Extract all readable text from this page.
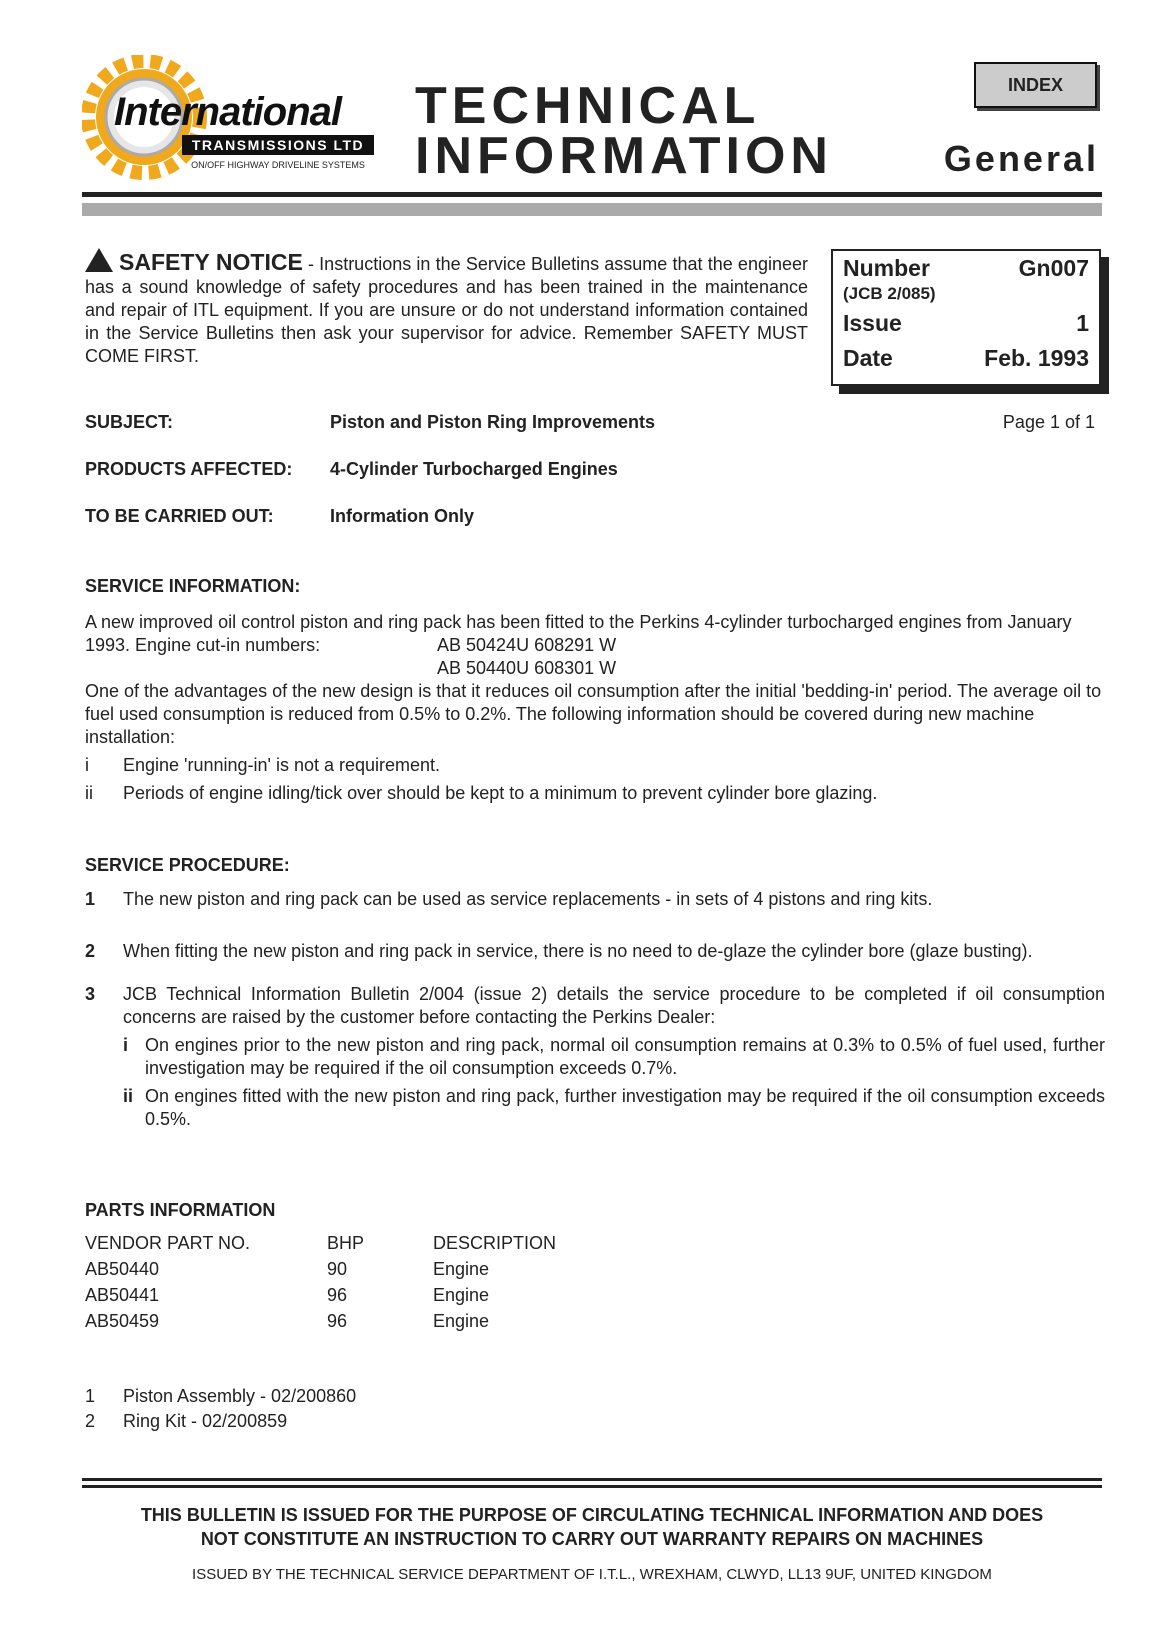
International
TRANSMISSIONS LTD
ON/OFF HIGHWAY DRIVELINE SYSTEMS
TECHNICAL
INFORMATION
INDEX
General
SAFETY NOTICE - Instructions in the Service Bulletins assume that the engineer has a sound knowledge of safety procedures and has been trained in the maintenance and repair of ITL equipment. If you are unsure or do not understand information contained in the Service Bulletins then ask your supervisor for advice. Remember SAFETY MUST COME FIRST.
Number	Gn007
(JCB 2/085)
Issue	1
Date	Feb. 1993
SUBJECT:	Piston and Piston Ring Improvements	Page 1 of 1
PRODUCTS AFFECTED: 4-Cylinder Turbocharged Engines
TO BE CARRIED OUT:	Information Only
SERVICE INFORMATION:
A new improved oil control piston and ring pack has been fitted to the Perkins 4-cylinder turbocharged engines from January 1993. Engine cut-in numbers:	AB 50424U 608291 W
AB 50440U 608301 W
One of the advantages of the new design is that it reduces oil consumption after the initial 'bedding-in' period. The average oil to fuel used consumption is reduced from 0.5% to 0.2%. The following information should be covered during new machine installation:
i Engine 'running-in' is not a requirement.
ii Periods of engine idling/tick over should be kept to a minimum to prevent cylinder bore glazing.
SERVICE PROCEDURE:
1 The new piston and ring pack can be used as service replacements - in sets of 4 pistons and ring kits.
2 When fitting the new piston and ring pack in service, there is no need to de-glaze the cylinder bore (glaze busting).
3 JCB Technical Information Bulletin 2/004 (issue 2) details the service procedure to be completed if oil consumption concerns are raised by the customer before contacting the Perkins Dealer:
i On engines prior to the new piston and ring pack, normal oil consumption remains at 0.3% to 0.5% of fuel used, further investigation may be required if the oil consumption exceeds 0.7%.
ii On engines fitted with the new piston and ring pack, further investigation may be required if the oil consumption exceeds 0.5%.
PARTS INFORMATION
VENDOR PART NO.	BHP	DESCRIPTION
AB50440	90	Engine
AB50441	96	Engine
AB50459	96	Engine
1 Piston Assembly - 02/200860
2 Ring Kit - 02/200859
THIS BULLETIN IS ISSUED FOR THE PURPOSE OF CIRCULATING TECHNICAL INFORMATION AND DOES
NOT CONSTITUTE AN INSTRUCTION TO CARRY OUT WARRANTY REPAIRS ON MACHINES
ISSUED BY THE TECHNICAL SERVICE DEPARTMENT OF I.T.L., WREXHAM, CLWYD, LL13 9UF, UNITED KINGDOM
